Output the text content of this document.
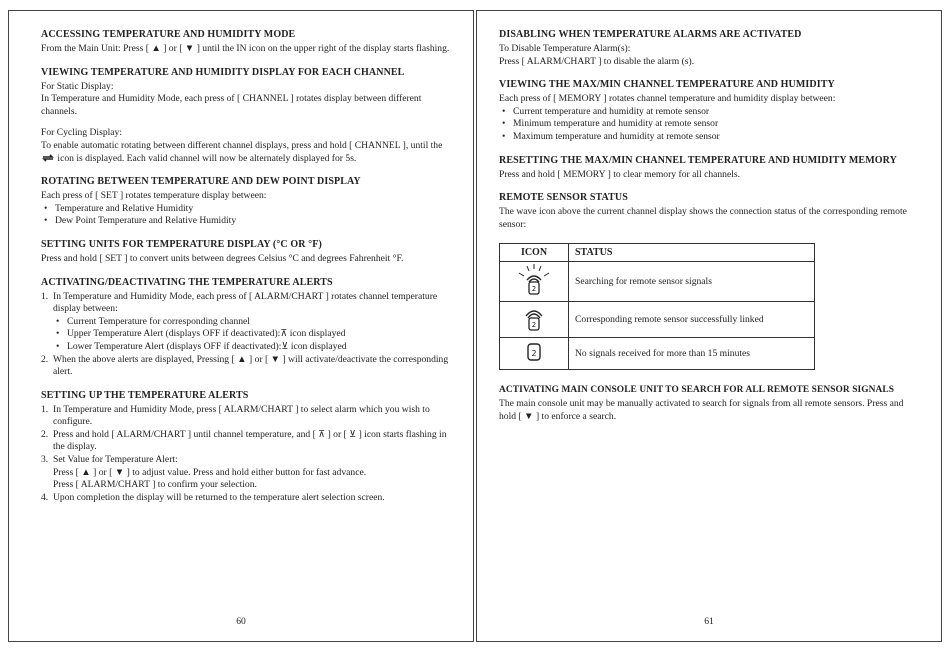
ACCESSING TEMPERATURE AND HUMIDITY MODE

From the Main Unit: Press [ ▲ ] or [ ▼ ] until the IN icon on the upper right of the display starts flashing.

VIEWING TEMPERATURE AND HUMIDITY DISPLAY FOR EACH CHANNEL

For Static Display:

In Temperature and Humidity Mode, each press of [ CHANNEL ] rotates display between different channels.

For Cycling Display:

To enable automatic rotating between different channel displays, press and hold [ CHANNEL ], until the  icon is displayed. Each valid channel will now be alternately displayed for 5s.

ROTATING BETWEEN TEMPERATURE AND DEW POINT DISPLAY

Each press of [ SET ] rotates temperature display between:

• Temperature and Relative Humidity
• Dew Point Temperature and Relative Humidity
SETTING UNITS FOR TEMPERATURE DISPLAY (°C OR °F)

Press and hold [ SET ] to convert units between degrees Celsius °C and degrees Fahrenheit °F.

ACTIVATING/DEACTIVATING THE TEMPERATURE ALERTS
1. In Temperature and Humidity Mode, each press of [ ALARM/CHART ] rotates channel temperature display between:
• Current Temperature for corresponding channel
• Upper Temperature Alert (displays OFF if deactivated):⊼ icon displayed
• Lower Temperature Alert (displays OFF if deactivated):⊻ icon displayed
2. When the above alerts are displayed, Pressing [ ▲ ] or [ ▼ ] will activate/deactivate the corresponding alert.
SETTING UP THE TEMPERATURE ALERTS
1. In Temperature and Humidity Mode, press [ ALARM/CHART ] to select alarm which you wish to configure.
2. Press and hold [ ALARM/CHART ] until channel temperature, and [ ⊼ ] or [ ⊻ ] icon starts flashing in the display.
3. Set Value for Temperature Alert:
Press [ ▲ ] or [ ▼ ] to adjust value. Press and hold either button for fast advance.
Press [ ALARM/CHART ] to confirm your selection.
4. Upon completion the display will be returned to the temperature alert selection screen.
60
DISABLING WHEN TEMPERATURE ALARMS ARE ACTIVATED

To Disable Temperature Alarm(s):

Press [ ALARM/CHART ] to disable the alarm (s).

VIEWING THE MAX/MIN CHANNEL TEMPERATURE AND HUMIDITY

Each press of [ MEMORY ] rotates channel temperature and humidity display between:

• Current temperature and humidity at remote sensor
• Minimum temperature and humidity at remote sensor
• Maximum temperature and humidity at remote sensor
RESETTING THE MAX/MIN CHANNEL TEMPERATURE AND HUMIDITY MEMORY

Press and hold [ MEMORY ] to clear memory for all channels.

REMOTE SENSOR STATUS

The wave icon above the current channel display shows the connection status of the corresponding remote sensor:

ICON	STATUS

2	Searching for remote sensor signals

2	Corresponding remote sensor successfully linked

2	No signals received for more than 15 minutes
ACTIVATING MAIN CONSOLE UNIT TO SEARCH FOR ALL REMOTE SENSOR SIGNALS

The main console unit may be manually activated to search for signals from all remote sensors. Press and hold [ ▼ ] to enforce a search.

61
